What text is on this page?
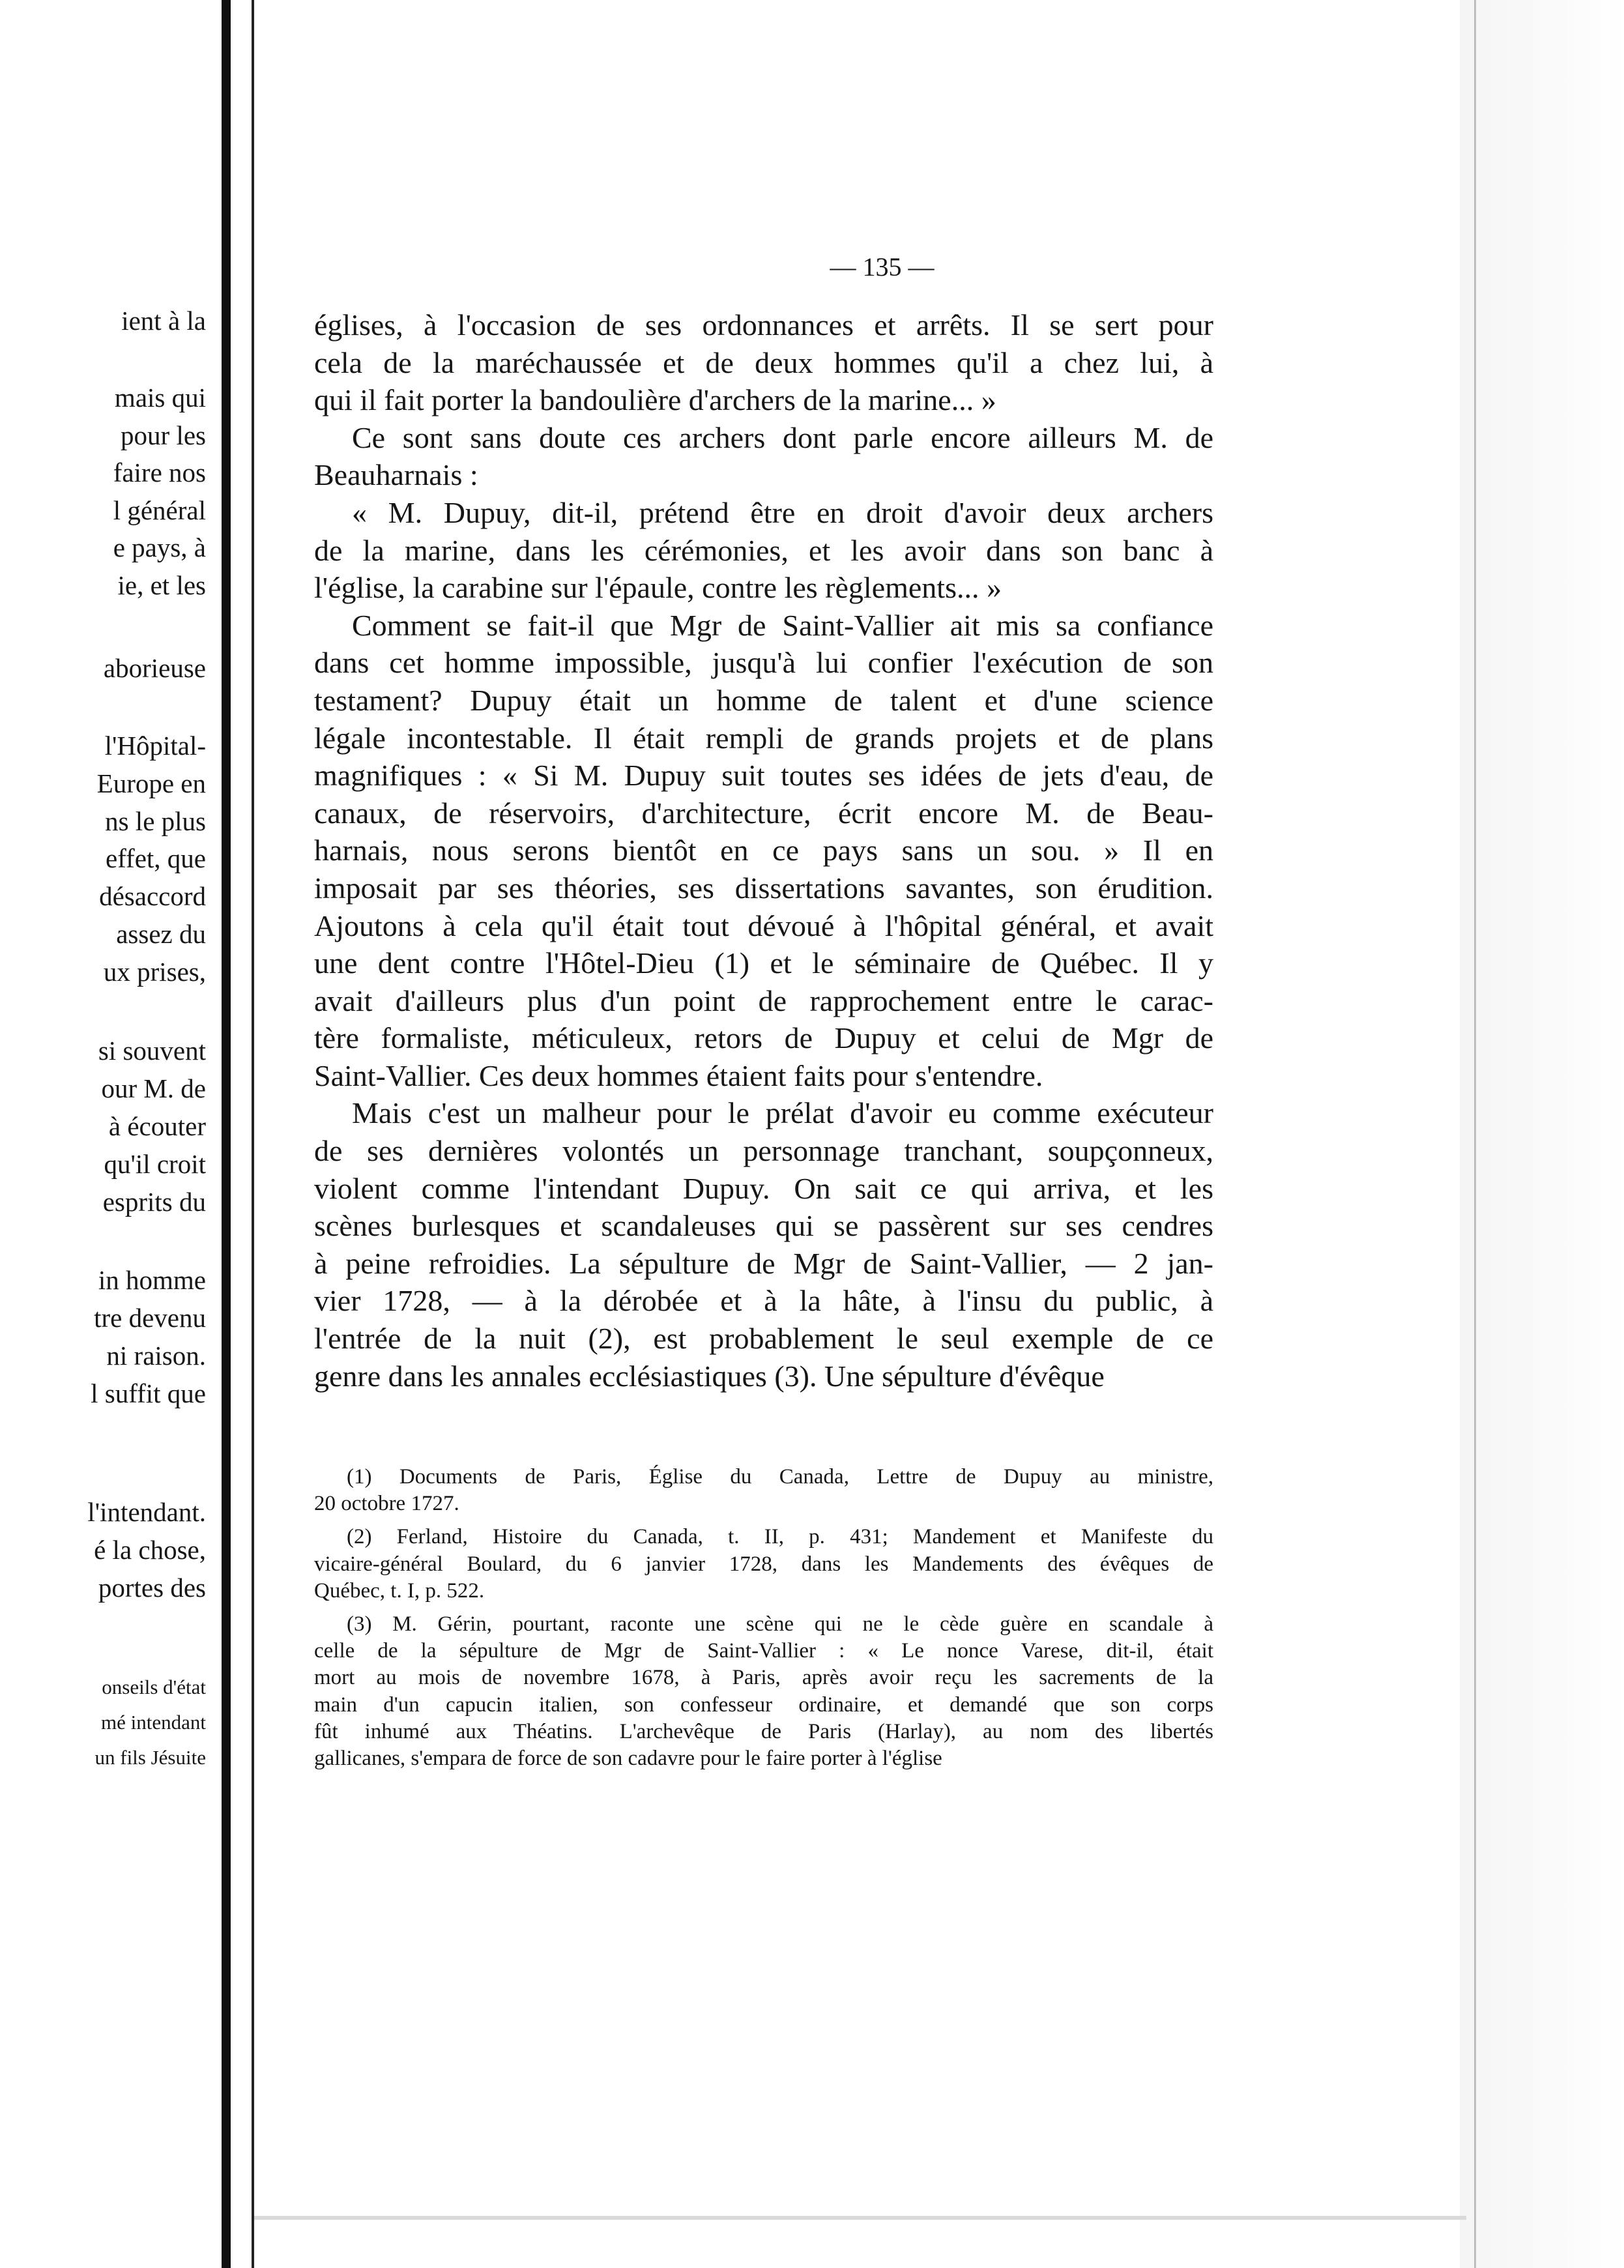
ient à la
mais qui
pour les
faire nos
l général
e pays, à
ie, et les
aborieuse
l'Hôpital-
Europe en
ns le plus
effet, que
désaccord
assez du
ux prises,
si souvent
our M. de
à écouter
qu'il croit
esprits du
in homme
tre devenu
ni raison.
l suffit que
l'intendant.
é la chose,
portes des
onseils d'état
mé intendant
un fils Jésuite
— 135 —
églises, à l'occasion de ses ordonnances et arrêts. Il se sert pour
cela de la maréchaussée et de deux hommes qu'il a chez lui, à
qui il fait porter la bandoulière d'archers de la marine... »
Ce sont sans doute ces archers dont parle encore ailleurs M. de
Beauharnais :
« M. Dupuy, dit-il, prétend être en droit d'avoir deux archers
de la marine, dans les cérémonies, et les avoir dans son banc à
l'église, la carabine sur l'épaule, contre les règlements... »
Comment se fait-il que Mgr de Saint-Vallier ait mis sa confiance
dans cet homme impossible, jusqu'à lui confier l'exécution de son
testament? Dupuy était un homme de talent et d'une science
légale incontestable. Il était rempli de grands projets et de plans
magnifiques : « Si M. Dupuy suit toutes ses idées de jets d'eau, de
canaux, de réservoirs, d'architecture, écrit encore M. de Beau-
harnais, nous serons bientôt en ce pays sans un sou. » Il en
imposait par ses théories, ses dissertations savantes, son érudition.
Ajoutons à cela qu'il était tout dévoué à l'hôpital général, et avait
une dent contre l'Hôtel-Dieu (1) et le séminaire de Québec. Il y
avait d'ailleurs plus d'un point de rapprochement entre le carac-
tère formaliste, méticuleux, retors de Dupuy et celui de Mgr de
Saint-Vallier. Ces deux hommes étaient faits pour s'entendre.
Mais c'est un malheur pour le prélat d'avoir eu comme exécuteur
de ses dernières volontés un personnage tranchant, soupçonneux,
violent comme l'intendant Dupuy. On sait ce qui arriva, et les
scènes burlesques et scandaleuses qui se passèrent sur ses cendres
à peine refroidies. La sépulture de Mgr de Saint-Vallier, — 2 jan-
vier 1728, — à la dérobée et à la hâte, à l'insu du public, à
l'entrée de la nuit (2), est probablement le seul exemple de ce
genre dans les annales ecclésiastiques (3). Une sépulture d'évêque
(1) Documents de Paris, Église du Canada, Lettre de Dupuy au ministre,
20 octobre 1727.
(2) Ferland, Histoire du Canada, t. II, p. 431; Mandement et Manifeste du
vicaire-général Boulard, du 6 janvier 1728, dans les Mandements des évêques de
Québec, t. I, p. 522.
(3) M. Gérin, pourtant, raconte une scène qui ne le cède guère en scandale à
celle de la sépulture de Mgr de Saint-Vallier : « Le nonce Varese, dit-il, était
mort au mois de novembre 1678, à Paris, après avoir reçu les sacrements de la
main d'un capucin italien, son confesseur ordinaire, et demandé que son corps
fût inhumé aux Théatins. L'archevêque de Paris (Harlay), au nom des libertés
gallicanes, s'empara de force de son cadavre pour le faire porter à l'église
